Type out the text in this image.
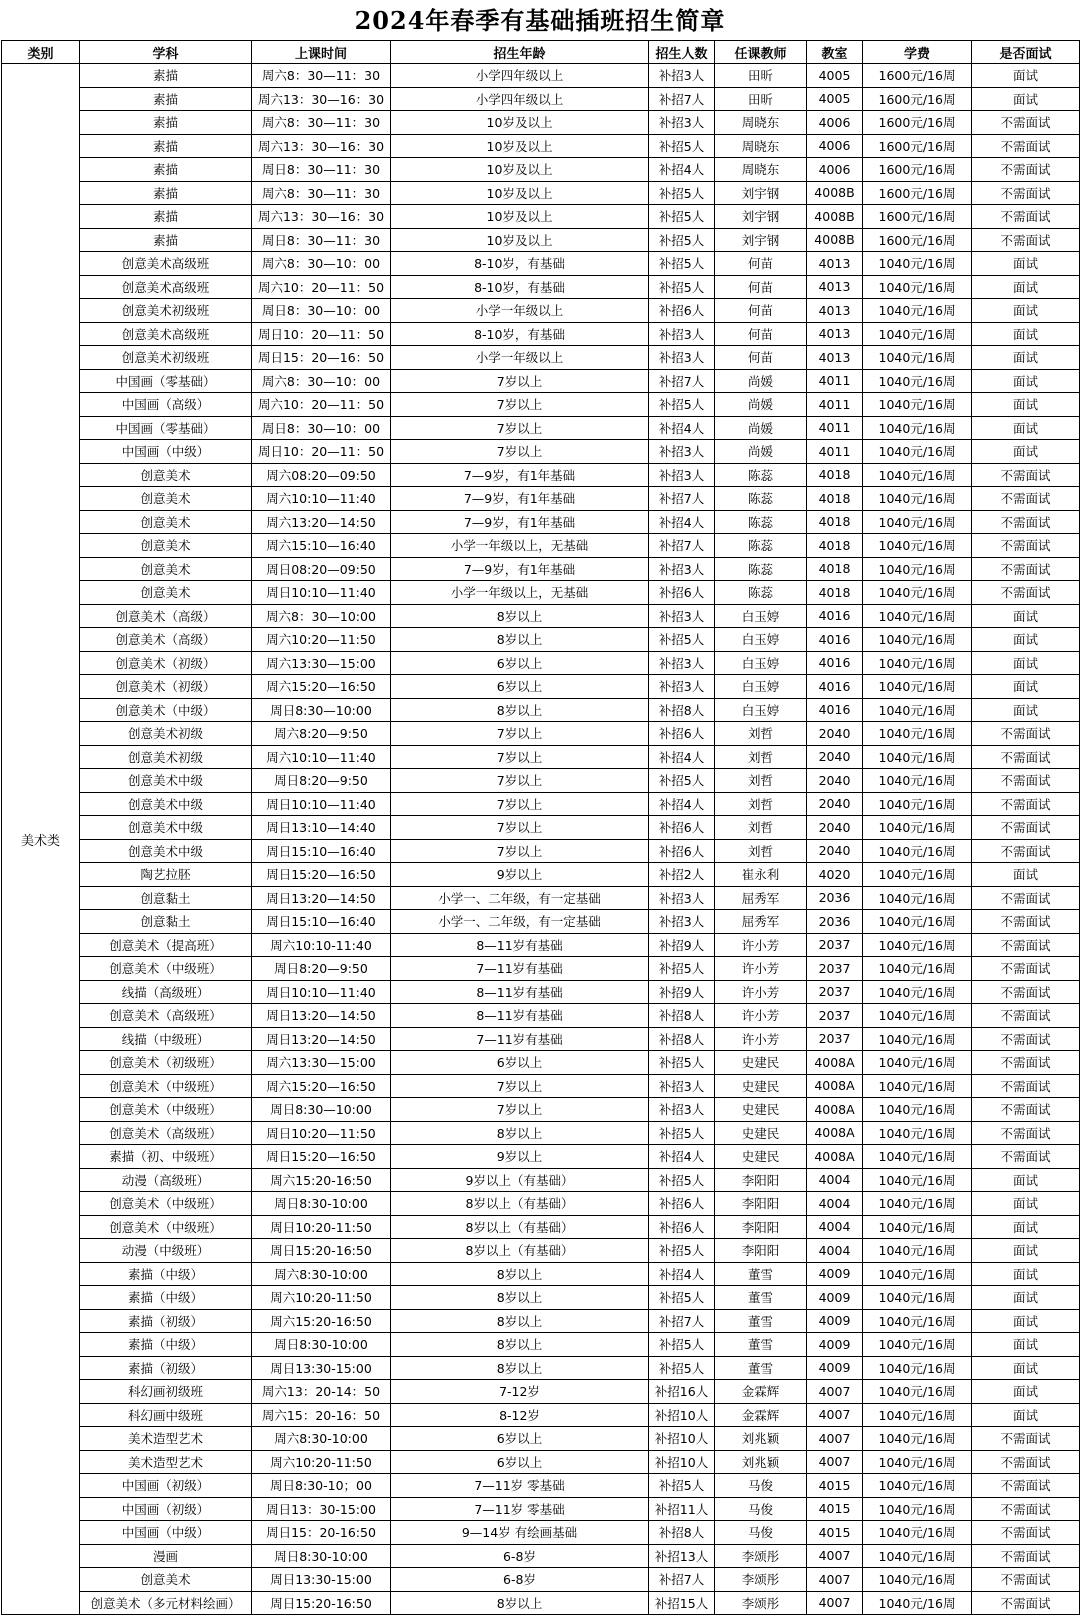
2024年春季有基础插班招生简章
类别	学科	上课时间	招生年龄	招生人数	任课教师	教室	学费	是否面试
美术类	素描	周六8：30—11：30	小学四年级以上	补招3人	田昕	4005	1600元/16周	面试
	素描	周六13：30—16：30	小学四年级以上	补招7人	田昕	4005	1600元/16周	面试
	素描	周六8：30—11：30	10岁及以上	补招3人	周晓东	4006	1600元/16周	不需面试
	素描	周六13：30—16：30	10岁及以上	补招5人	周晓东	4006	1600元/16周	不需面试
	素描	周日8：30—11：30	10岁及以上	补招4人	周晓东	4006	1600元/16周	不需面试
	素描	周六8：30—11：30	10岁及以上	补招5人	刘宇钢	4008B	1600元/16周	不需面试
	素描	周六13：30—16：30	10岁及以上	补招5人	刘宇钢	4008B	1600元/16周	不需面试
	素描	周日8：30—11：30	10岁及以上	补招5人	刘宇钢	4008B	1600元/16周	不需面试
	创意美术高级班	周六8：30—10：00	8-10岁，有基础	补招5人	何苗	4013	1040元/16周	面试
	创意美术高级班	周六10：20—11：50	8-10岁，有基础	补招5人	何苗	4013	1040元/16周	面试
	创意美术初级班	周日8：30—10：00	小学一年级以上	补招6人	何苗	4013	1040元/16周	面试
	创意美术高级班	周日10：20—11：50	8-10岁，有基础	补招3人	何苗	4013	1040元/16周	面试
	创意美术初级班	周日15：20—16：50	小学一年级以上	补招3人	何苗	4013	1040元/16周	面试
	中国画（零基础）	周六8：30—10：00	7岁以上	补招7人	尚媛	4011	1040元/16周	面试
	中国画（高级）	周六10：20—11：50	7岁以上	补招5人	尚媛	4011	1040元/16周	面试
	中国画（零基础）	周日8：30—10：00	7岁以上	补招4人	尚媛	4011	1040元/16周	面试
	中国画（中级）	周日10：20—11：50	7岁以上	补招3人	尚媛	4011	1040元/16周	面试
	创意美术	周六08:20—09:50	7—9岁，有1年基础	补招3人	陈蕊	4018	1040元/16周	不需面试
	创意美术	周六10:10—11:40	7—9岁，有1年基础	补招7人	陈蕊	4018	1040元/16周	不需面试
	创意美术	周六13:20—14:50	7—9岁，有1年基础	补招4人	陈蕊	4018	1040元/16周	不需面试
	创意美术	周六15:10—16:40	小学一年级以上，无基础	补招7人	陈蕊	4018	1040元/16周	不需面试
	创意美术	周日08:20—09:50	7—9岁，有1年基础	补招3人	陈蕊	4018	1040元/16周	不需面试
	创意美术	周日10:10—11:40	小学一年级以上，无基础	补招6人	陈蕊	4018	1040元/16周	不需面试
	创意美术（高级）	周六8：30—10:00	8岁以上	补招3人	白玉婷	4016	1040元/16周	面试
	创意美术（高级）	周六10:20—11:50	8岁以上	补招5人	白玉婷	4016	1040元/16周	面试
	创意美术（初级）	周六13:30—15:00	6岁以上	补招3人	白玉婷	4016	1040元/16周	面试
	创意美术（初级）	周六15:20—16:50	6岁以上	补招3人	白玉婷	4016	1040元/16周	面试
	创意美术（中级）	周日8:30—10:00	8岁以上	补招8人	白玉婷	4016	1040元/16周	面试
	创意美术初级	周六8:20—9:50	7岁以上	补招6人	刘哲	2040	1040元/16周	不需面试
	创意美术初级	周六10:10—11:40	7岁以上	补招4人	刘哲	2040	1040元/16周	不需面试
	创意美术中级	周日8:20—9:50	7岁以上	补招5人	刘哲	2040	1040元/16周	不需面试
	创意美术中级	周日10:10—11:40	7岁以上	补招4人	刘哲	2040	1040元/16周	不需面试
	创意美术中级	周日13:10—14:40	7岁以上	补招6人	刘哲	2040	1040元/16周	不需面试
	创意美术中级	周日15:10—16:40	7岁以上	补招6人	刘哲	2040	1040元/16周	不需面试
	陶艺拉胚	周日15:20—16:50	9岁以上	补招2人	崔永利	4020	1040元/16周	面试
	创意黏土	周日13:20—14:50	小学一、二年级，有一定基础	补招3人	屈秀军	2036	1040元/16周	不需面试
	创意黏土	周日15:10—16:40	小学一、二年级，有一定基础	补招3人	屈秀军	2036	1040元/16周	不需面试
	创意美术（提高班）	周六10:10-11:40	8—11岁有基础	补招9人	许小芳	2037	1040元/16周	不需面试
	创意美术（中级班）	周日8:20—9:50	7—11岁有基础	补招5人	许小芳	2037	1040元/16周	不需面试
	线描（高级班）	周日10:10—11:40	8—11岁有基础	补招9人	许小芳	2037	1040元/16周	不需面试
	创意美术（高级班）	周日13:20—14:50	8—11岁有基础	补招8人	许小芳	2037	1040元/16周	不需面试
	线描（中级班）	周日13:20—14:50	7—11岁有基础	补招8人	许小芳	2037	1040元/16周	不需面试
	创意美术（初级班）	周六13:30—15:00	6岁以上	补招5人	史建民	4008A	1040元/16周	不需面试
	创意美术（中级班）	周六15:20—16:50	7岁以上	补招3人	史建民	4008A	1040元/16周	不需面试
	创意美术（中级班）	周日8:30—10:00	7岁以上	补招3人	史建民	4008A	1040元/16周	不需面试
	创意美术（高级班）	周日10:20—11:50	8岁以上	补招5人	史建民	4008A	1040元/16周	不需面试
	素描（初、中级班）	周日15:20—16:50	9岁以上	补招4人	史建民	4008A	1040元/16周	不需面试
	动漫（高级班）	周六15:20-16:50	9岁以上（有基础）	补招5人	李阳阳	4004	1040元/16周	面试
	创意美术（中级班）	周日8:30-10:00	8岁以上（有基础）	补招6人	李阳阳	4004	1040元/16周	面试
	创意美术（中级班）	周日10:20-11:50	8岁以上（有基础）	补招6人	李阳阳	4004	1040元/16周	面试
	动漫（中级班）	周日15:20-16:50	8岁以上（有基础）	补招5人	李阳阳	4004	1040元/16周	面试
	素描（中级）	周六8:30-10:00	8岁以上	补招4人	董雪	4009	1040元/16周	面试
	素描（中级）	周六10:20-11:50	8岁以上	补招5人	董雪	4009	1040元/16周	面试
	素描（初级）	周六15:20-16:50	8岁以上	补招7人	董雪	4009	1040元/16周	面试
	素描（中级）	周日8:30-10:00	8岁以上	补招5人	董雪	4009	1040元/16周	面试
	素描（初级）	周日13:30-15:00	8岁以上	补招5人	董雪	4009	1040元/16周	面试
	科幻画初级班	周六13：20-14：50	7-12岁	补招16人	金霖辉	4007	1040元/16周	面试
	科幻画中级班	周六15：20-16：50	8-12岁	补招10人	金霖辉	4007	1040元/16周	面试
	美术造型艺术	周六8:30-10:00	6岁以上	补招10人	刘兆颖	4007	1040元/16周	不需面试
	美术造型艺术	周六10:20-11:50	6岁以上	补招10人	刘兆颖	4007	1040元/16周	不需面试
	中国画（初级）	周日8:30-10；00	7—11岁 零基础	补招5人	马俊	4015	1040元/16周	不需面试
	中国画（初级）	周日13：30-15:00	7—11岁 零基础	补招11人	马俊	4015	1040元/16周	不需面试
	中国画（中级）	周日15：20-16:50	9—14岁 有绘画基础	补招8人	马俊	4015	1040元/16周	不需面试
	漫画	周日8:30-10:00	6-8岁	补招13人	李颂彤	4007	1040元/16周	不需面试
	创意美术	周日13:30-15:00	6-8岁	补招7人	李颂彤	4007	1040元/16周	不需面试
	创意美术（多元材料绘画）	周日15:20-16:50	8岁以上	补招15人	李颂彤	4007	1040元/16周	不需面试
